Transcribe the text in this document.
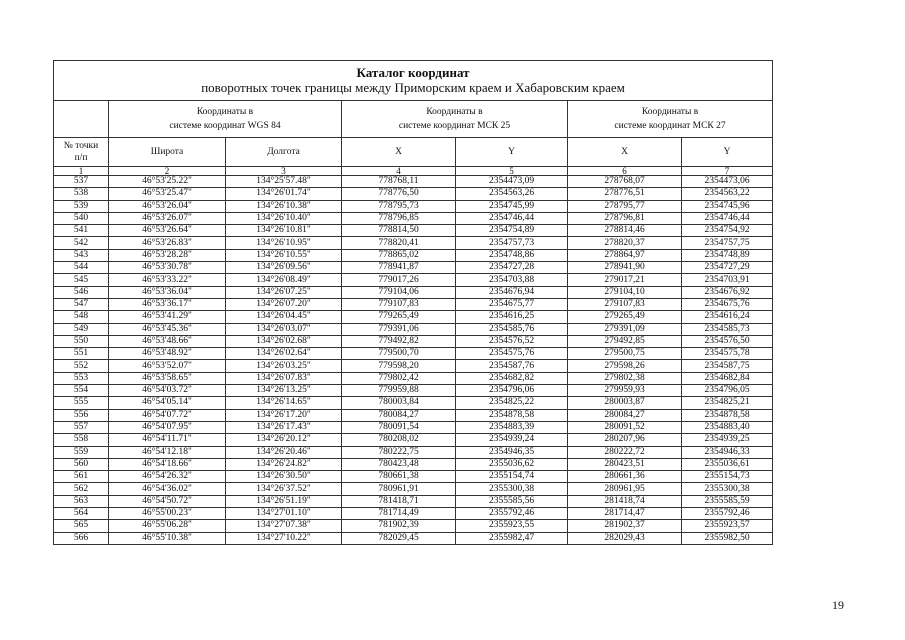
Каталог координат
поворотных точек границы между Приморским краем и Хабаровским краем						

	Координаты в
системе координат WGS 84		Координаты в
системе координат МСК 25		Координаты в
системе координат МСК 27	

№ точки
п/п	Широта	Долгота	X	Y	X	Y
1	2	3	4	5	6	7
537	46°53'25.22"	134°25'57.48"	778768,11	2354473,09	278768,07	2354473,06
538	46°53'25.47"	134°26'01.74"	778776,50	2354563,26	278776,51	2354563,22
539	46°53'26.04"	134°26'10.38"	778795,73	2354745,99	278795,77	2354745,96
540	46°53'26.07"	134°26'10.40"	778796,85	2354746,44	278796,81	2354746,44
541	46°53'26.64"	134°26'10.81"	778814,50	2354754,89	278814,46	2354754,92
542	46°53'26.83"	134°26'10.95"	778820,41	2354757,73	278820,37	2354757,75
543	46°53'28.28"	134°26'10.55"	778865,02	2354748,86	278864,97	2354748,89
544	46°53'30.78"	134°26'09.56"	778941,87	2354727,28	278941,90	2354727,29
545	46°53'33.22"	134°26'08.49"	779017,26	2354703,88	279017,21	2354703,91
546	46°53'36.04"	134°26'07.25"	779104,06	2354676,94	279104,10	2354676,92
547	46°53'36.17"	134°26'07.20"	779107,83	2354675,77	279107,83	2354675,76
548	46°53'41.29"	134°26'04.45"	779265,49	2354616,25	279265,49	2354616,24
549	46°53'45.36"	134°26'03.07"	779391,06	2354585,76	279391,09	2354585,73
550	46°53'48.66"	134°26'02.68"	779492,82	2354576,52	279492,85	2354576,50
551	46°53'48.92"	134°26'02.64"	779500,70	2354575,76	279500,75	2354575,78
552	46°53'52.07"	134°26'03.25"	779598,20	2354587,76	279598,26	2354587,75
553	46°53'58.65"	134°26'07.83"	779802,42	2354682,82	279802,38	2354682,84
554	46°54'03.72"	134°26'13.25"	779959,88	2354796,06	279959,93	2354796,05
555	46°54'05.14"	134°26'14.65"	780003,84	2354825,22	280003,87	2354825,21
556	46°54'07.72"	134°26'17.20"	780084,27	2354878,58	280084,27	2354878,58
557	46°54'07.95"	134°26'17.43"	780091,54	2354883,39	280091,52	2354883,40
558	46°54'11.71"	134°26'20.12"	780208,02	2354939,24	280207,96	2354939,25
559	46°54'12.18"	134°26'20.46"	780222,75	2354946,35	280222,72	2354946,33
560	46°54'18.66"	134°26'24.82"	780423,48	2355036,62	280423,51	2355036,61
561	46°54'26.32"	134°26'30.50"	780661,38	2355154,74	280661,36	2355154,73
562	46°54'36.02"	134°26'37.52"	780961,91	2355300,38	280961,95	2355300,38
563	46°54'50.72"	134°26'51.19"	781418,71	2355585,56	281418,74	2355585,59
564	46°55'00.23"	134°27'01.10"	781714,49	2355792,46	281714,47	2355792,46
565	46°55'06.28"	134°27'07.38"	781902,39	2355923,55	281902,37	2355923,57
566	46°55'10.38"	134°27'10.22"	782029,45	2355982,47	282029,43	2355982,50
19
